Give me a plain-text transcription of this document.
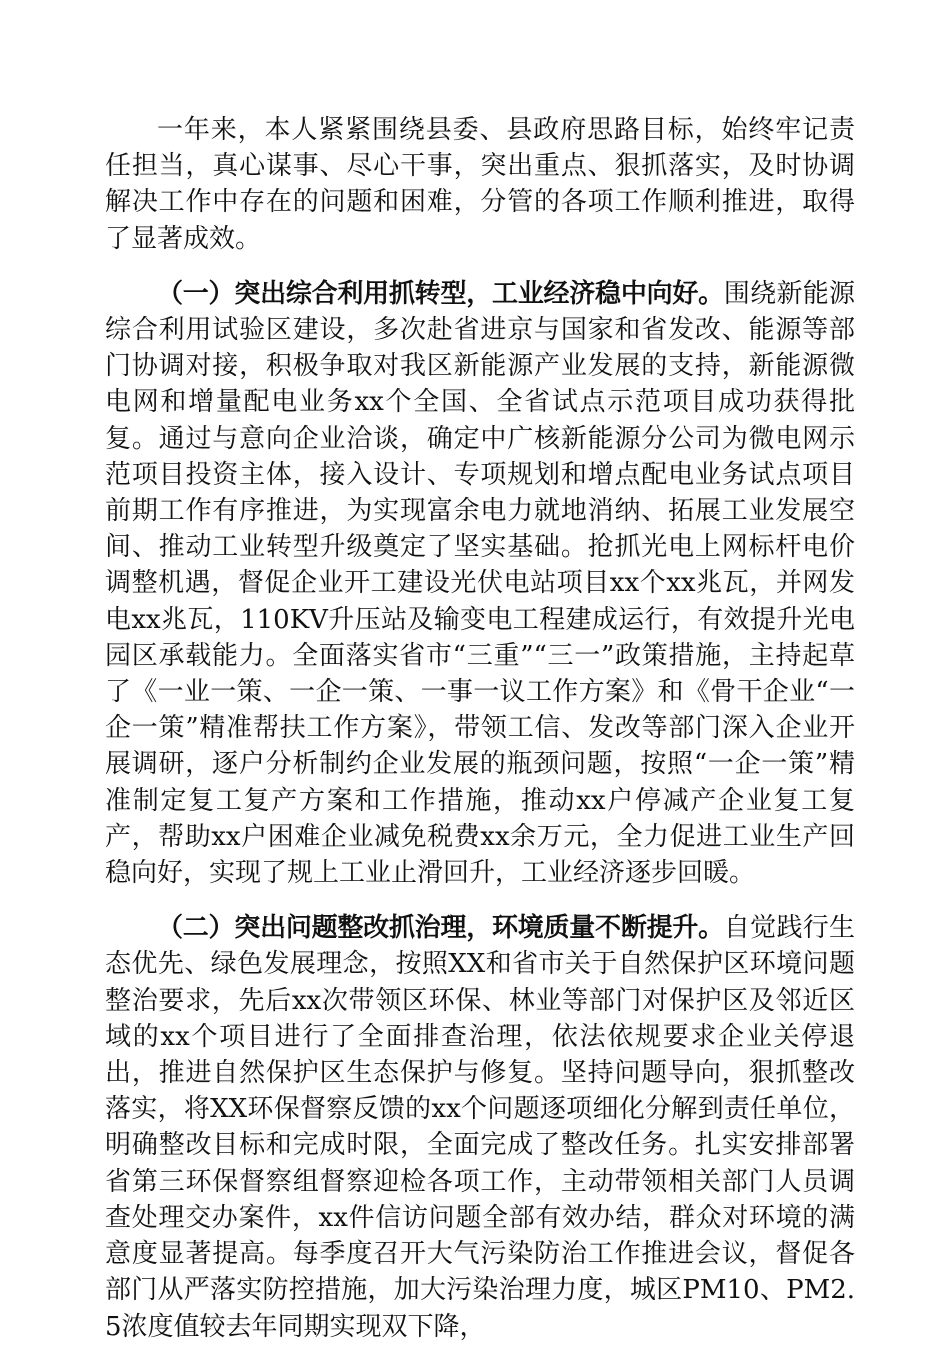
一年来，本人紧紧围绕县委、县政府思路目标，始终牢记责任担当，真心谋事、尽心干事，突出重点、狠抓落实，及时协调解决工作中存在的问题和困难，分管的各项工作顺利推进，取得了显著成效。

（一）突出综合利用抓转型，工业经济稳中向好。围绕新能源综合利用试验区建设，多次赴省进京与国家和省发改、能源等部门协调对接，积极争取对我区新能源产业发展的支持，新能源微电网和增量配电业务xx个全国、全省试点示范项目成功获得批复。通过与意向企业洽谈，确定中广核新能源分公司为微电网示范项目投资主体，接入设计、专项规划和增点配电业务试点项目前期工作有序推进，为实现富余电力就地消纳、拓展工业发展空间、推动工业转型升级奠定了坚实基础。抢抓光电上网标杆电价调整机遇，督促企业开工建设光伏电站项目xx个xx兆瓦，并网发电xx兆瓦，110KV升压站及输变电工程建成运行，有效提升光电园区承载能力。全面落实省市“三重”“三一”政策措施，主持起草了《一业一策、一企一策、一事一议工作方案》和《骨干企业“一企一策”精准帮扶工作方案》，带领工信、发改等部门深入企业开展调研，逐户分析制约企业发展的瓶颈问题，按照“一企一策”精准制定复工复产方案和工作措施，推动xx户停减产企业复工复产，帮助xx户困难企业减免税费xx余万元，全力促进工业生产回稳向好，实现了规上工业止滑回升，工业经济逐步回暖。

（二）突出问题整改抓治理，环境质量不断提升。自觉践行生态优先、绿色发展理念，按照XX和省市关于自然保护区环境问题整治要求，先后xx次带领区环保、林业等部门对保护区及邻近区域的xx个项目进行了全面排查治理，依法依规要求企业关停退出，推进自然保护区生态保护与修复。坚持问题导向，狠抓整改落实，将XX环保督察反馈的xx个问题逐项细化分解到责任单位，明确整改目标和完成时限，全面完成了整改任务。扎实安排部署省第三环保督察组督察迎检各项工作，主动带领相关部门人员调查处理交办案件，xx件信访问题全部有效办结，群众对环境的满意度显著提高。每季度召开大气污染防治工作推进会议，督促各部门从严落实防控措施，加大污染治理力度，城区PM10、PM2.5浓度值较去年同期实现双下降，
